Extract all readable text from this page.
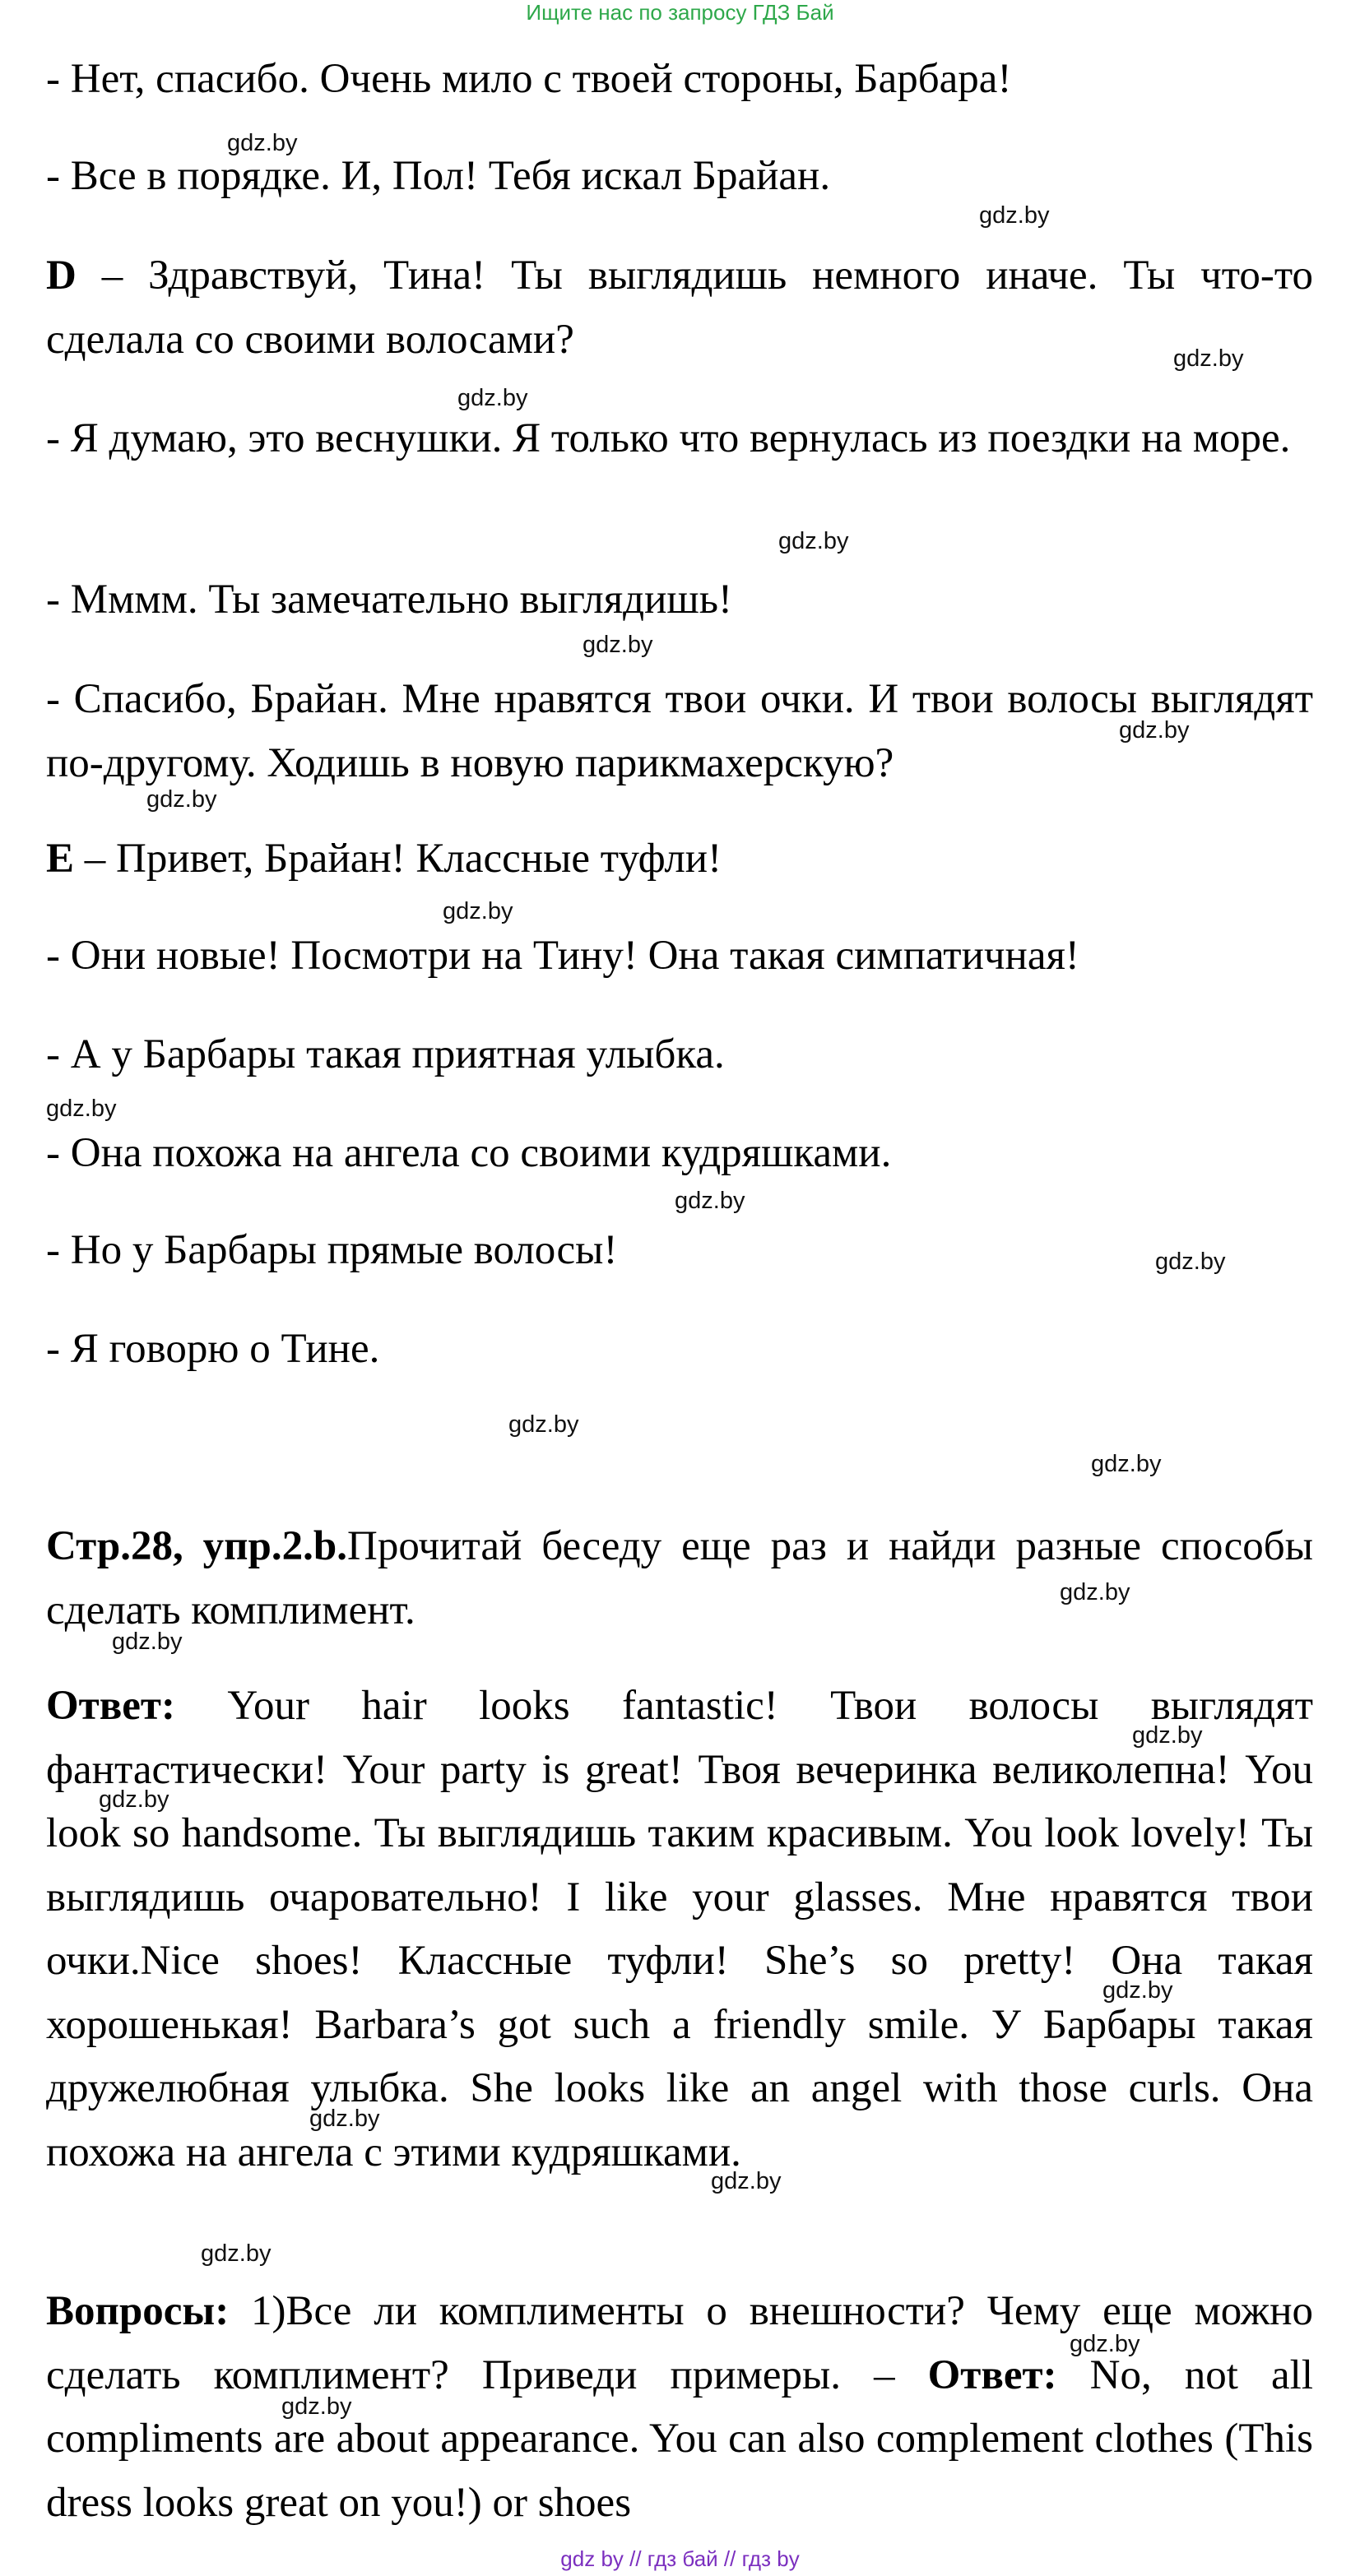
Ищите нас по запросу ГДЗ Бай
- Нет, спасибо. Очень мило с твоей стороны, Барбара!
- Все в порядке. И, Пол! Тебя искал Брайан.
D – Здравствуй, Тина! Ты выглядишь немного иначе. Ты что-то сделала со своими волосами?
- Я думаю, это веснушки. Я только что вернулась из поездки на море.
- Мммм. Ты замечательно выглядишь!
- Спасибо, Брайан. Мне нравятся твои очки. И твои волосы выглядят по-другому. Ходишь в новую парикмахерскую?
E – Привет, Брайан! Классные туфли!
- Они новые! Посмотри на Тину! Она такая симпатичная!
- А у Барбары такая приятная улыбка.
- Она похожа на ангела со своими кудряшками.
- Но у Барбары прямые волосы!
- Я говорю о Тине.
Стр.28, упр.2.b.Прочитай беседу еще раз и найди разные способы сделать комплимент.
Ответ: Your hair looks fantastic! Твои волосы выглядят фантастически! Your party is great! Твоя вечеринка великолепна! You look so handsome. Ты выглядишь таким красивым. You look lovely! Ты выглядишь очаровательно! I like your glasses. Мне нравятся твои очки.Nice shoes! Классные туфли! She’s so pretty! Она такая хорошенькая! Barbara’s got such a friendly smile. У Барбары такая дружелюбная улыбка. She looks like an angel with those curls. Она похожа на ангела с этими кудряшками.
Вопросы: 1)Все ли комплименты о внешности? Чему еще можно сделать комплимент? Приведи примеры. – Ответ: No, not all compliments are about appearance. You can also complement clothes (This dress looks great on you!) or shoes
gdz.by
gdz.by
gdz.by
gdz.by
gdz.by
gdz.by
gdz.by
gdz.by
gdz.by
gdz.by
gdz.by
gdz.by
gdz.by
gdz.by
gdz.by
gdz.by
gdz.by
gdz.by
gdz.by
gdz.by
gdz.by
gdz.by
gdz.by
gdz.by
gdz by // гдз бай // гдз by
